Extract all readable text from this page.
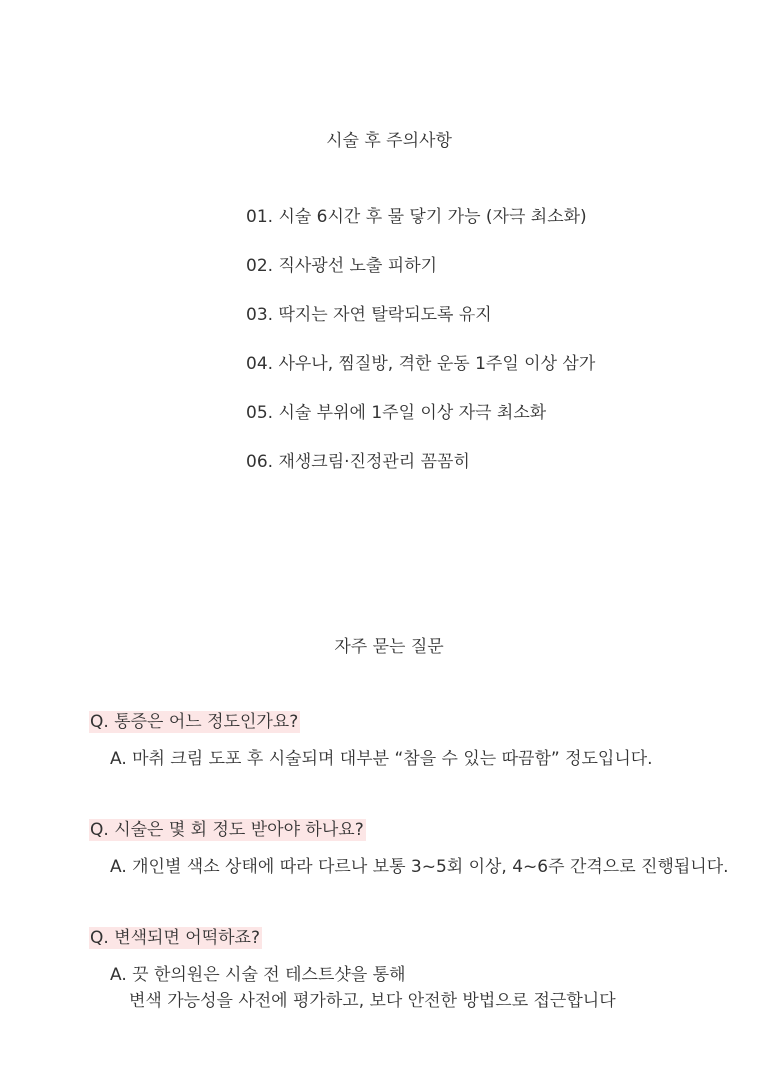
시술 후 주의사항
01. 시술 6시간 후 물 닿기 가능 (자극 최소화)
02. 직사광선 노출 피하기
03. 딱지는 자연 탈락되도록 유지
04. 사우나, 찜질방, 격한 운동 1주일 이상 삼가
05. 시술 부위에 1주일 이상 자극 최소화
06. 재생크림·진정관리 꼼꼼히
자주 묻는 질문
Q. 통증은 어느 정도인가요?
A. 마취 크림 도포 후 시술되며 대부분 “참을 수 있는 따끔함” 정도입니다.
Q. 시술은 몇 회 정도 받아야 하나요?
A. 개인별 색소 상태에 따라 다르나 보통 3~5회 이상, 4~6주 간격으로 진행됩니다.
Q. 변색되면 어떡하죠?
A. 끗 한의원은 시술 전 테스트샷을 통해
변색 가능성을 사전에 평가하고, 보다 안전한 방법으로 접근합니다
